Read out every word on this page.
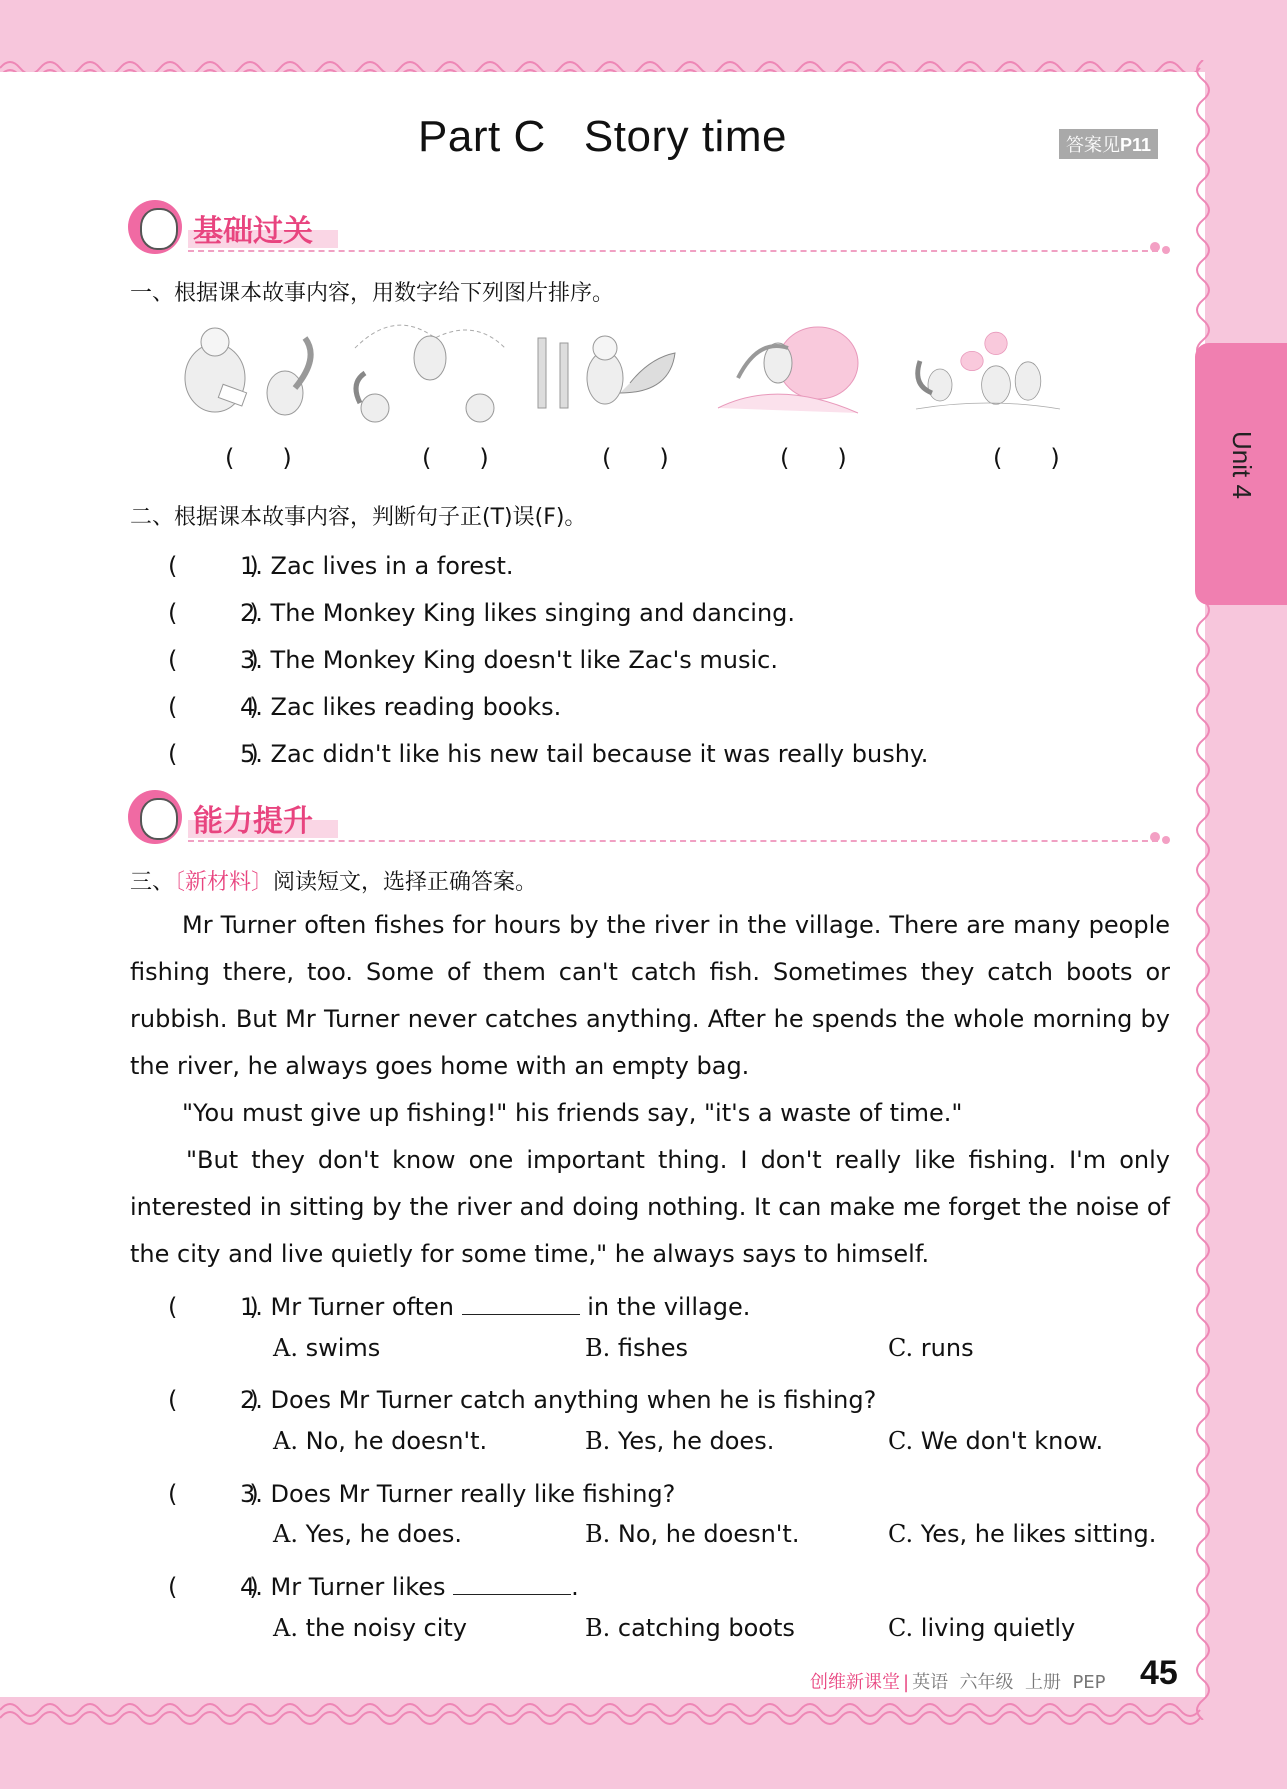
Part C   Story time	答案见P11
Unit 4
基础过关
一、根据课本故事内容，用数字给下列图片排序。
(　　)	(　　)	(　　)	(　　)	(　　)
二、根据课本故事内容，判断句子正(T)误(F)。
(　　　)1. Zac lives in a forest.
(　　　)2. The Monkey King likes singing and dancing.
(　　　)3. The Monkey King doesn't like Zac's music.
(　　　)4. Zac likes reading books.
(　　　)5. Zac didn't like his new tail because it was really bushy.
能力提升
三、〔新材料〕阅读短文，选择正确答案。

Mr Turner often fishes for hours by the river in the village. There are many people fishing there, too. Some of them can't catch fish. Sometimes they catch boots or rubbish. But Mr Turner never catches anything. After he spends the whole morning by the river, he always goes home with an empty bag.

"You must give up fishing!" his friends say, "it's a waste of time."

"But they don't know one important thing. I don't really like fishing. I'm only interested in sitting by the river and doing nothing. It can make me forget the noise of the city and live quietly for some time," he always says to himself.

(　　　)1. Mr Turner often	in the village.
A. swims	B. fishes	C. runs
(　　　)2. Does Mr Turner catch anything when he is fishing?
A. No, he doesn't.	B. Yes, he does.	C. We don't know.
(　　　)3. Does Mr Turner really like fishing?
A. Yes, he does.	B. No, he doesn't.	C. Yes, he likes sitting.
(　　　)4. Mr Turner likes	.
A. the noisy city	B. catching boots	C. living quietly
创维新课堂 | 英语 六年级 上册 PEP 45
